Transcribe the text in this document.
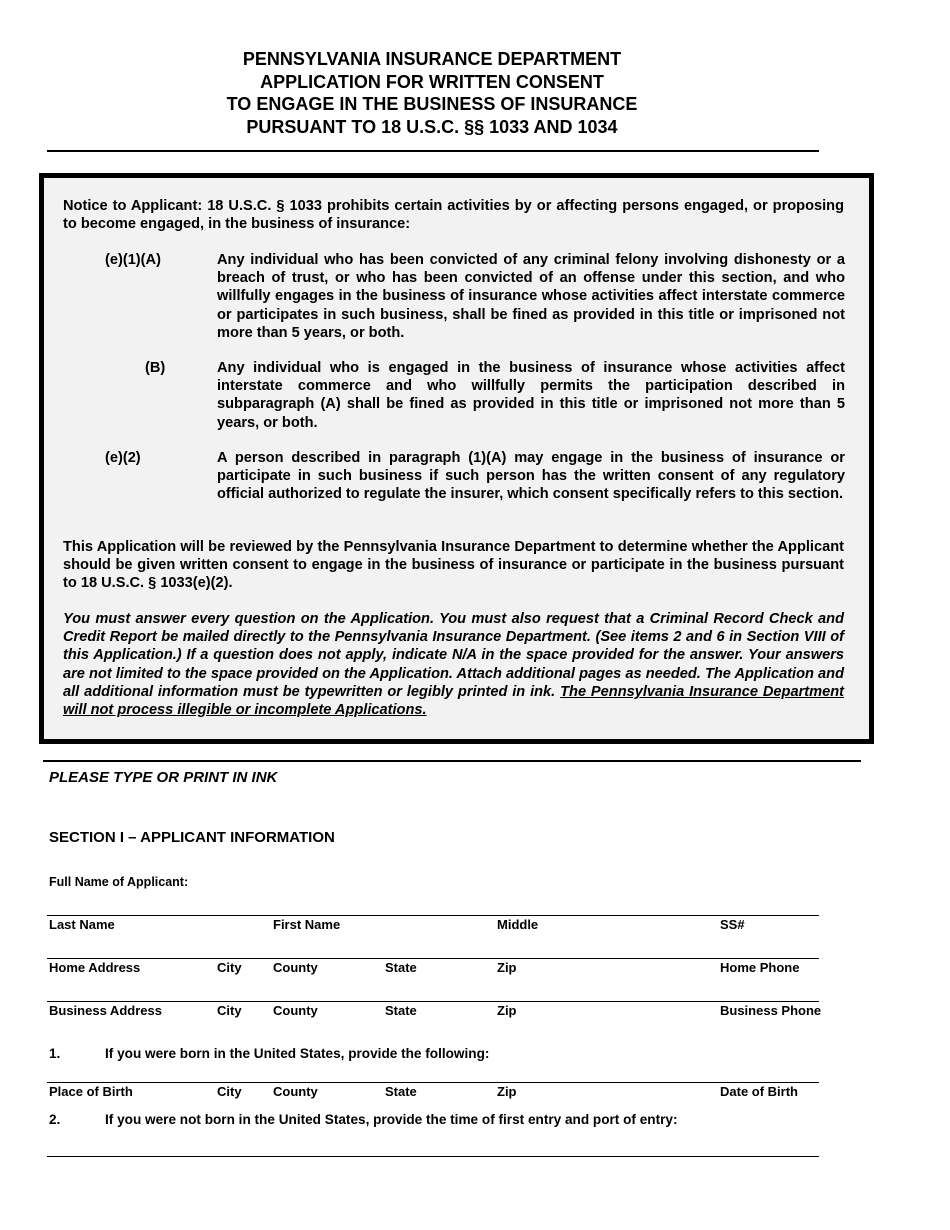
PENNSYLVANIA INSURANCE DEPARTMENT
APPLICATION FOR WRITTEN CONSENT
TO ENGAGE IN THE BUSINESS OF INSURANCE
PURSUANT TO 18 U.S.C. §§ 1033 AND 1034
Notice to Applicant: 18 U.S.C. § 1033 prohibits certain activities by or affecting persons engaged, or proposing to become engaged, in the business of insurance:
(e)(1)(A)	Any individual who has been convicted of any criminal felony involving dishonesty or a breach of trust, or who has been convicted of an offense under this section, and who willfully engages in the business of insurance whose activities affect interstate commerce or participates in such business, shall be fined as provided in this title or imprisoned not more than 5 years, or both.
(B)	Any individual who is engaged in the business of insurance whose activities affect interstate commerce and who willfully permits the participation described in subparagraph (A) shall be fined as provided in this title or imprisoned not more than 5 years, or both.
(e)(2)	A person described in paragraph (1)(A) may engage in the business of insurance or participate in such business if such person has the written consent of any regulatory official authorized to regulate the insurer, which consent specifically refers to this section.
This Application will be reviewed by the Pennsylvania Insurance Department to determine whether the Applicant should be given written consent to engage in the business of insurance or participate in the business pursuant to 18 U.S.C. § 1033(e)(2).
You must answer every question on the Application. You must also request that a Criminal Record Check and Credit Report be mailed directly to the Pennsylvania Insurance Department. (See items 2 and 6 in Section VIII of this Application.) If a question does not apply, indicate N/A in the space provided for the answer. Your answers are not limited to the space provided on the Application. Attach additional pages as needed. The Application and all additional information must be typewritten or legibly printed in ink. The Pennsylvania Insurance Department will not process illegible or incomplete Applications.
PLEASE TYPE OR PRINT IN INK
SECTION I – APPLICANT INFORMATION
Full Name of Applicant:
Last Name	First Name	Middle	SS#
Home Address	City County	State	Zip	Home Phone
Business Address	City County	State	Zip	Business Phone
1.	If you were born in the United States, provide the following:
Place of Birth	City County	State	Zip	Date of Birth
2.	If you were not born in the United States, provide the time of first entry and port of entry:
